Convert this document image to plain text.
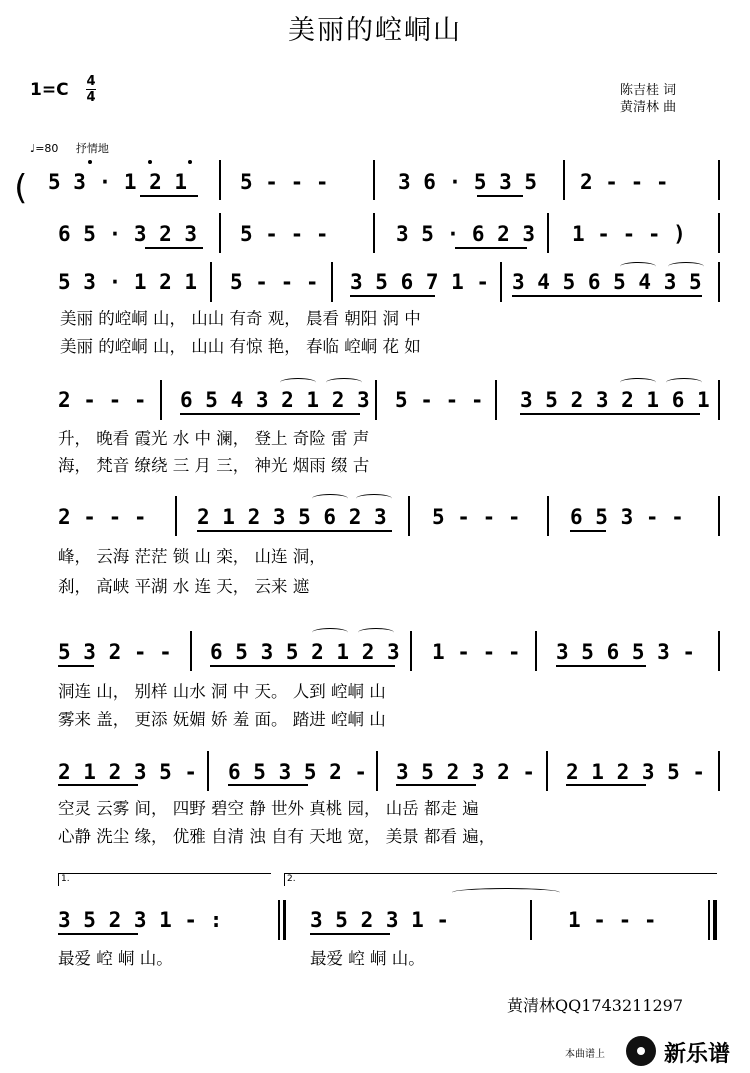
美丽的崆峒山
1=C 4
4	陈吉桂 词
黄清林 曲
♩=80 抒情地
( 5 3 · 1 2 1	5 - - -	3 6 · 5 3 5 2 - - -
6 5 · 3 2 3 5 - - -	3 5 · 6 2 3 1 - - - )
5 3 · 1 2 1 5 - - - 3 5 6 7 1 - 3 4 5 6 5 4 3 5
美丽 的崆峒 山， 山山 有奇 观， 晨看 朝阳 洞 中
美丽 的崆峒 山， 山山 有惊 艳， 春临 崆峒 花 如
2 - - - 6 5 4 3 2 1 2 3 5 - - - 3 5 2 3 2 1 6 1
升， 晚看 霞光 水 中 澜， 登上 奇险 雷 声
海， 梵音 缭绕 三 月 三， 神光 烟雨 缀 古
2 - - - 2 1 2 3 5 6 2 3 5 - - - 6 5 3 - -
峰， 云海 茫茫 锁 山 栾， 山连 洞，
刹， 高峡 平湖 水 连 天， 云来 遮
5 3 2 - - 6 5 3 5 2 1 2 3 1 - - - 3 5 6 5 3 -
洞连 山， 别样 山水 洞 中 天。 人到 崆峒 山
雾来 盖， 更添 妩媚 娇 羞 面。 踏进 崆峒 山
2 1 2 3 5 - 6 5 3 5 2 - 3 5 2 3 2 - 2 1 2 3 5 -
空灵 云雾 间， 四野 碧空 静 世外 真桃 园， 山岳 都走 遍
心静 洗尘 缘， 优雅 自清 浊 自有 天地 宽， 美景 都看 遍，
1.	2.
3 5 2 3 1 - :	3 5 2 3 1 -	1 - - -
最爱 崆 峒 山。	最爱 崆 峒 山。
黄清林QQ1743211297
本曲谱上	新乐谱
